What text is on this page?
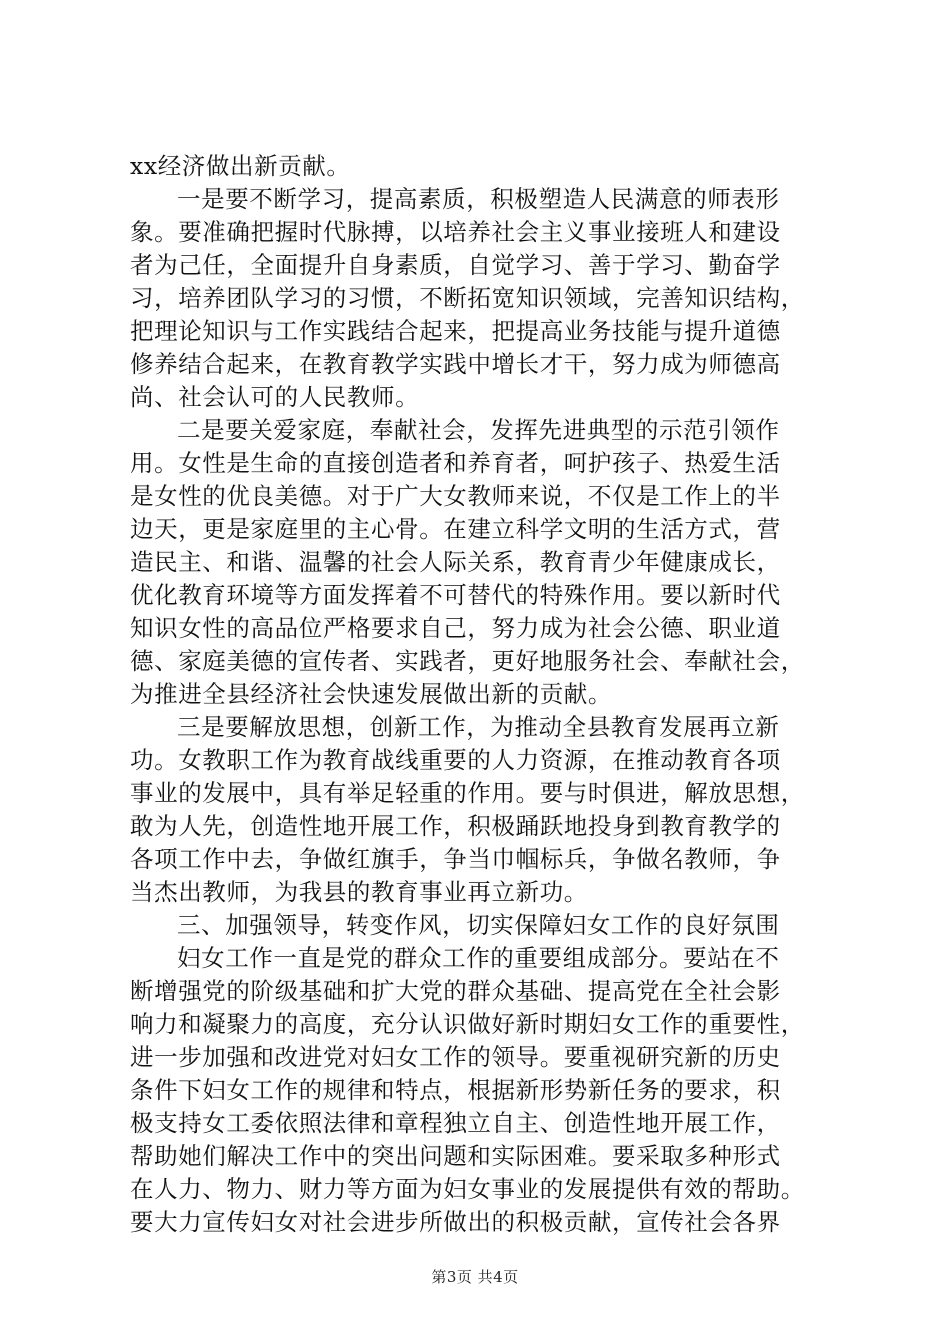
xx经济做出新贡献。
一是要不断学习，提高素质，积极塑造人民满意的师表形
象。要准确把握时代脉搏，以培养社会主义事业接班人和建设
者为己任，全面提升自身素质，自觉学习、善于学习、勤奋学
习，培养团队学习的习惯，不断拓宽知识领域，完善知识结构，
把理论知识与工作实践结合起来，把提高业务技能与提升道德
修养结合起来，在教育教学实践中增长才干，努力成为师德高
尚、社会认可的人民教师。
二是要关爱家庭，奉献社会，发挥先进典型的示范引领作
用。女性是生命的直接创造者和养育者，呵护孩子、热爱生活
是女性的优良美德。对于广大女教师来说，不仅是工作上的半
边天，更是家庭里的主心骨。在建立科学文明的生活方式，营
造民主、和谐、温馨的社会人际关系，教育青少年健康成长，
优化教育环境等方面发挥着不可替代的特殊作用。要以新时代
知识女性的高品位严格要求自己，努力成为社会公德、职业道
德、家庭美德的宣传者、实践者，更好地服务社会、奉献社会，
为推进全县经济社会快速发展做出新的贡献。
三是要解放思想，创新工作，为推动全县教育发展再立新
功。女教职工作为教育战线重要的人力资源，在推动教育各项
事业的发展中，具有举足轻重的作用。要与时俱进，解放思想，
敢为人先，创造性地开展工作，积极踊跃地投身到教育教学的
各项工作中去，争做红旗手，争当巾帼标兵，争做名教师，争
当杰出教师，为我县的教育事业再立新功。
三、加强领导，转变作风，切实保障妇女工作的良好氛围
妇女工作一直是党的群众工作的重要组成部分。要站在不
断增强党的阶级基础和扩大党的群众基础、提高党在全社会影
响力和凝聚力的高度，充分认识做好新时期妇女工作的重要性，
进一步加强和改进党对妇女工作的领导。要重视研究新的历史
条件下妇女工作的规律和特点，根据新形势新任务的要求，积
极支持女工委依照法律和章程独立自主、创造性地开展工作，
帮助她们解决工作中的突出问题和实际困难。要采取多种形式
在人力、物力、财力等方面为妇女事业的发展提供有效的帮助。
要大力宣传妇女对社会进步所做出的积极贡献，宣传社会各界
第3页 共4页
